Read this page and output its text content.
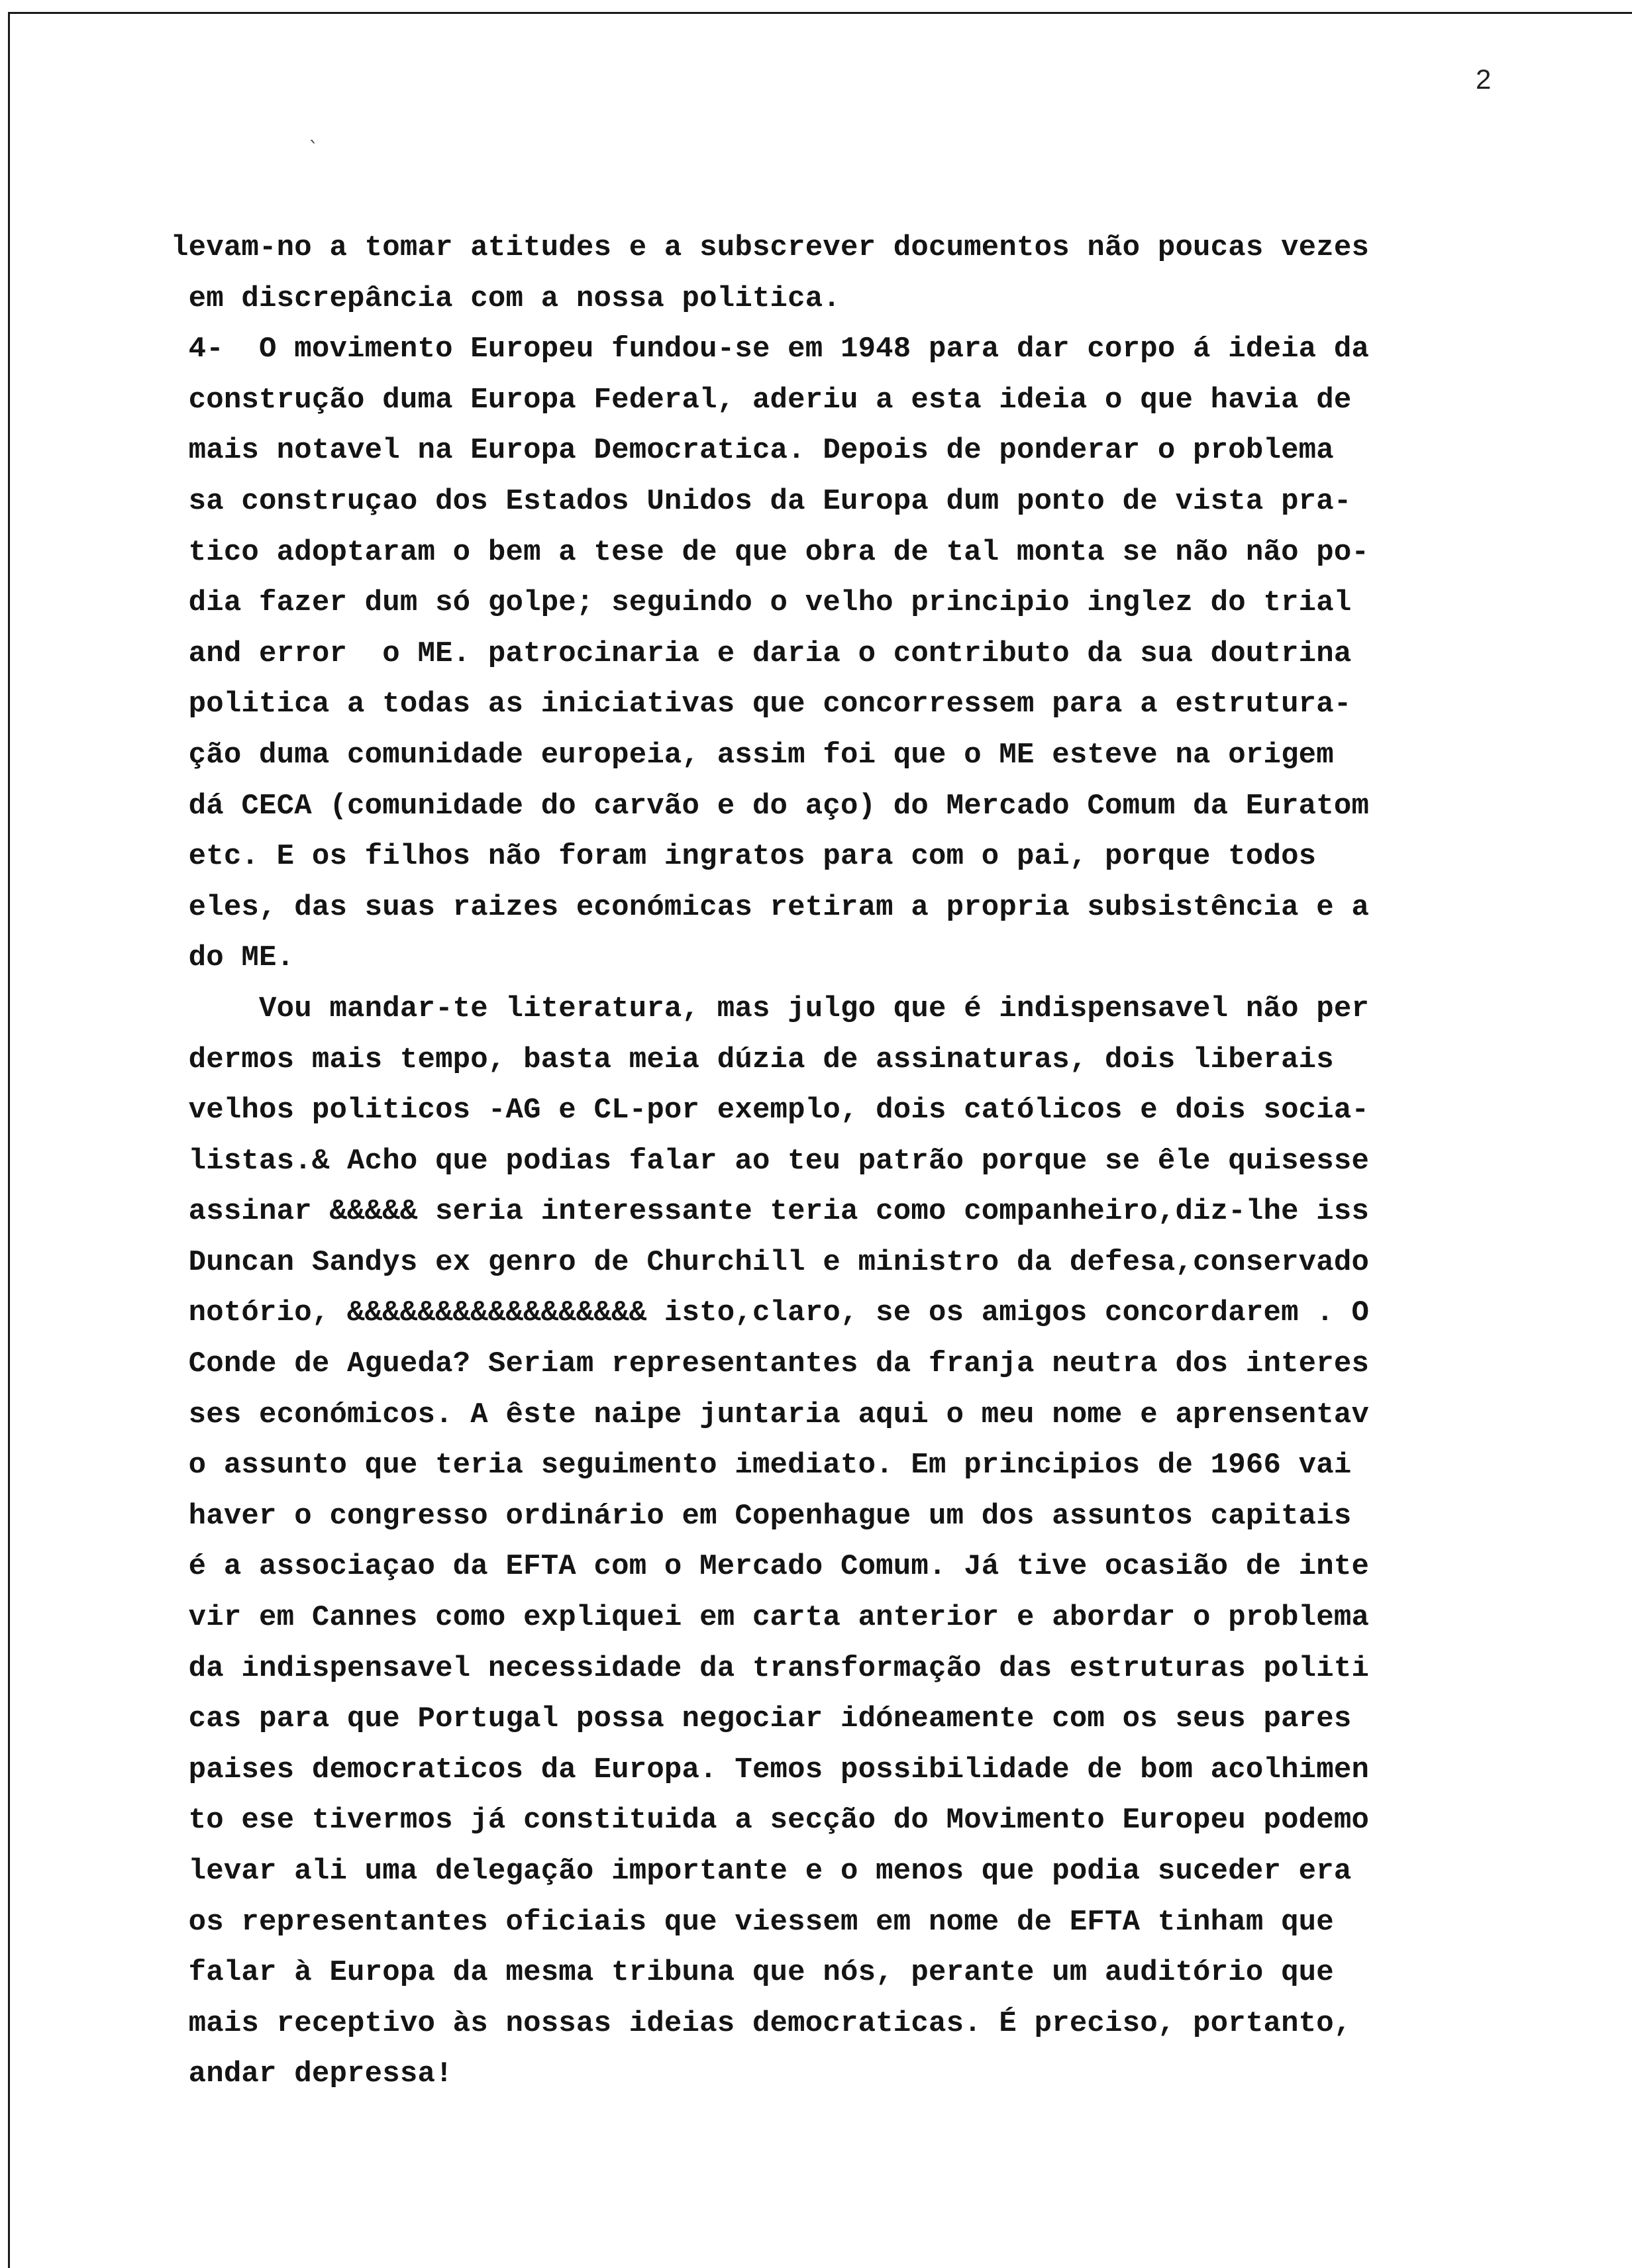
2
ˋ
levam-no a tomar atitudes e a subscrever documentos não poucas vezes
em discrepância com a nossa politica.
4-  O movimento Europeu fundou-se em 1948 para dar corpo á ideia da
construção duma Europa Federal, aderiu a esta ideia o que havia de
mais notavel na Europa Democratica. Depois de ponderar o problema
sa construçao dos Estados Unidos da Europa dum ponto de vista pra-
tico adoptaram o bem a tese de que obra de tal monta se não não po-
dia fazer dum só golpe; seguindo o velho principio inglez do trial
and error  o ME. patrocinaria e daria o contributo da sua doutrina
politica a todas as iniciativas que concorressem para a estrutura-
ção duma comunidade europeia, assim foi que o ME esteve na origem
dá CECA (comunidade do carvão e do aço) do Mercado Comum da Euratom
etc. E os filhos não foram ingratos para com o pai, porque todos
eles, das suas raizes económicas retiram a propria subsistência e a
do ME.
Vou mandar-te literatura, mas julgo que é indispensavel não per
dermos mais tempo, basta meia dúzia de assinaturas, dois liberais
velhos politicos -AG e CL-por exemplo, dois católicos e dois socia-
listas.& Acho que podias falar ao teu patrão porque se êle quisesse
assinar &&&&& seria interessante teria como companheiro,diz-lhe iss
Duncan Sandys ex genro de Churchill e ministro da defesa,conservado
notório, &&&&&&&&&&&&&&&&& isto,claro, se os amigos concordarem . O
Conde de Agueda? Seriam representantes da franja neutra dos interes
ses económicos. A êste naipe juntaria aqui o meu nome e aprensentav
o assunto que teria seguimento imediato. Em principios de 1966 vai
haver o congresso ordinário em Copenhague um dos assuntos capitais
é a associaçao da EFTA com o Mercado Comum. Já tive ocasião de inte
vir em Cannes como expliquei em carta anterior e abordar o problema
da indispensavel necessidade da transformação das estruturas politi
cas para que Portugal possa negociar idóneamente com os seus pares
paises democraticos da Europa. Temos possibilidade de bom acolhimen
to ese tivermos já constituida a secção do Movimento Europeu podemo
levar ali uma delegação importante e o menos que podia suceder era
os representantes oficiais que viessem em nome de EFTA tinham que
falar à Europa da mesma tribuna que nós, perante um auditório que
mais receptivo às nossas ideias democraticas. É preciso, portanto,
andar depressa!
